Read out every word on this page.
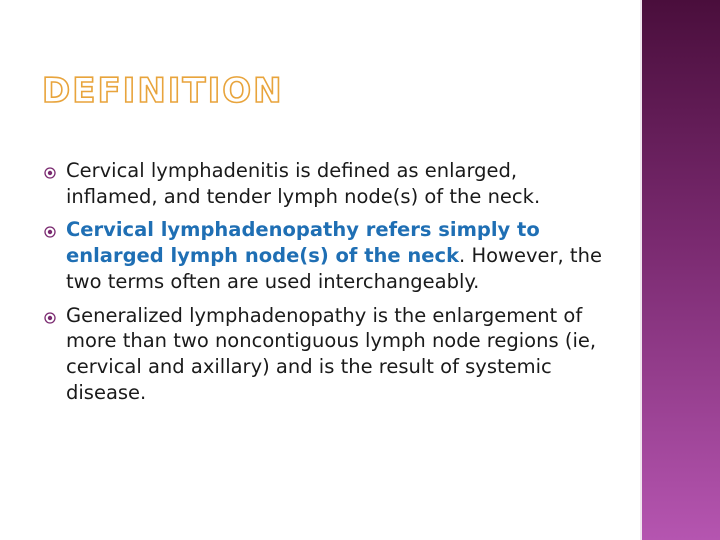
DEFINITION
Cervical lymphadenitis is defined as enlarged, inflamed, and tender lymph node(s) of the neck.
Cervical lymphadenopathy refers simply to enlarged lymph node(s) of the neck. However, the two terms often are used interchangeably.
Generalized lymphadenopathy is the enlargement of more than two noncontiguous lymph node regions (ie, cervical and axillary) and is the result of systemic disease.
